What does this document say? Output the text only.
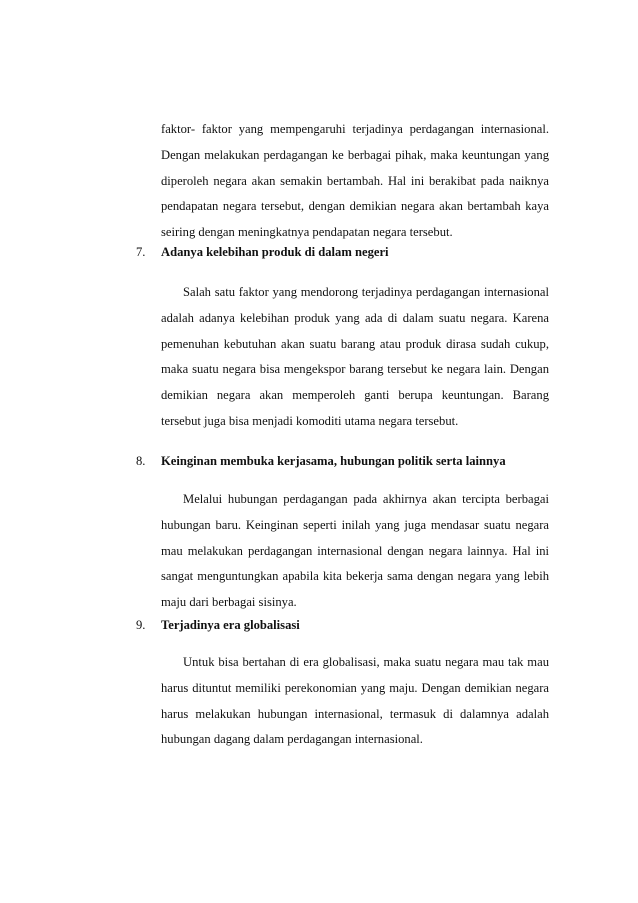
faktor- faktor yang mempengaruhi terjadinya perdagangan internasional. Dengan melakukan perdagangan ke berbagai pihak, maka keuntungan yang diperoleh negara akan semakin bertambah. Hal ini berakibat pada naiknya pendapatan negara tersebut, dengan demikian negara akan bertambah kaya seiring dengan meningkatnya pendapatan negara tersebut.

7. Adanya kelebihan produk di dalam negeri

Salah satu faktor yang mendorong terjadinya perdagangan internasional adalah adanya kelebihan produk yang ada di dalam suatu negara. Karena pemenuhan kebutuhan akan suatu barang atau produk dirasa sudah cukup, maka suatu negara bisa mengekspor barang tersebut ke negara lain. Dengan demikian negara akan memperoleh ganti berupa keuntungan. Barang tersebut juga bisa menjadi komoditi utama negara tersebut.

8. Keinginan membuka kerjasama, hubungan politik serta lainnya

Melalui hubungan perdagangan pada akhirnya akan tercipta berbagai hubungan baru. Keinginan seperti inilah yang juga mendasar suatu negara mau melakukan perdagangan internasional dengan negara lainnya. Hal ini sangat menguntungkan apabila kita bekerja sama dengan negara yang lebih maju dari berbagai sisinya.

9. Terjadinya era globalisasi

Untuk bisa bertahan di era globalisasi, maka suatu negara mau tak mau harus dituntut memiliki perekonomian yang maju. Dengan demikian negara harus melakukan hubungan internasional, termasuk di dalamnya adalah hubungan dagang dalam perdagangan internasional.
